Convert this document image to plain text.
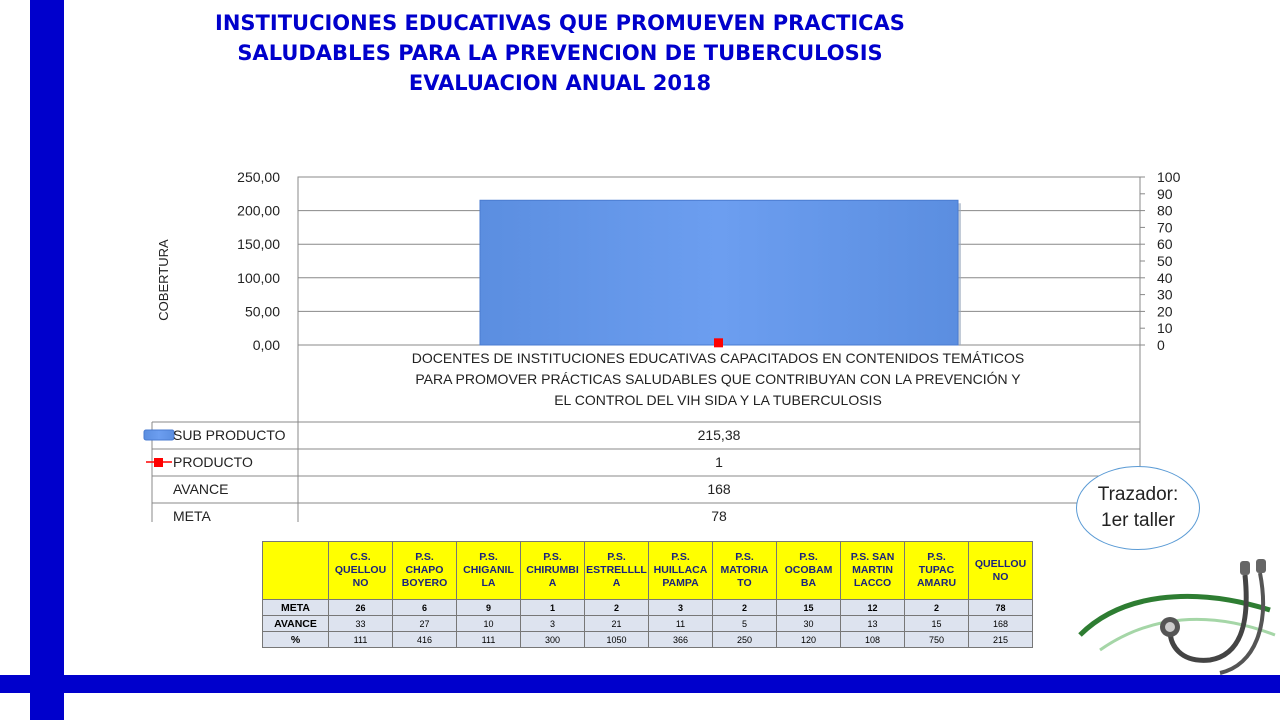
INSTITUCIONES EDUCATIVAS QUE PROMUEVEN PRACTICAS
SALUDABLES PARA LA PREVENCION DE TUBERCULOSIS
EVALUACION ANUAL 2018
0,00
50,00
100,00
150,00
200,00
250,00
0
10
20
30
40
50
60
70
80
90
100
DOCENTES DE INSTITUCIONES EDUCATIVAS CAPACITADOS EN CONTENIDOS TEMÁTICOS
PARA PROMOVER PRÁCTICAS SALUDABLES QUE CONTRIBUYAN CON LA PREVENCIÓN Y
EL CONTROL DEL VIH SIDA Y LA TUBERCULOSIS
SUB PRODUCTO	215,38
PRODUCTO	1
AVANCE	168
META	78
COBERTURA
Trazador:
1er taller
	C.S.
QUELLOU
NO	P.S.
CHAPO
BOYERO	P.S.
CHIGANIL
LA	P.S.
CHIRUMBI
A	P.S.
ESTRELLLL
A	P.S.
HUILLACA
PAMPA	P.S.
MATORIA
TO	P.S.
OCOBAM
BA	P.S. SAN
MARTIN
LACCO	P.S.
TUPAC
AMARU	QUELLOU
NO
META	26	6	9	1	2	3	2	15	12	2	78
AVANCE	33	27	10	3	21	11	5	30	13	15	168
%	111	416	111	300	1050	366	250	120	108	750	215
